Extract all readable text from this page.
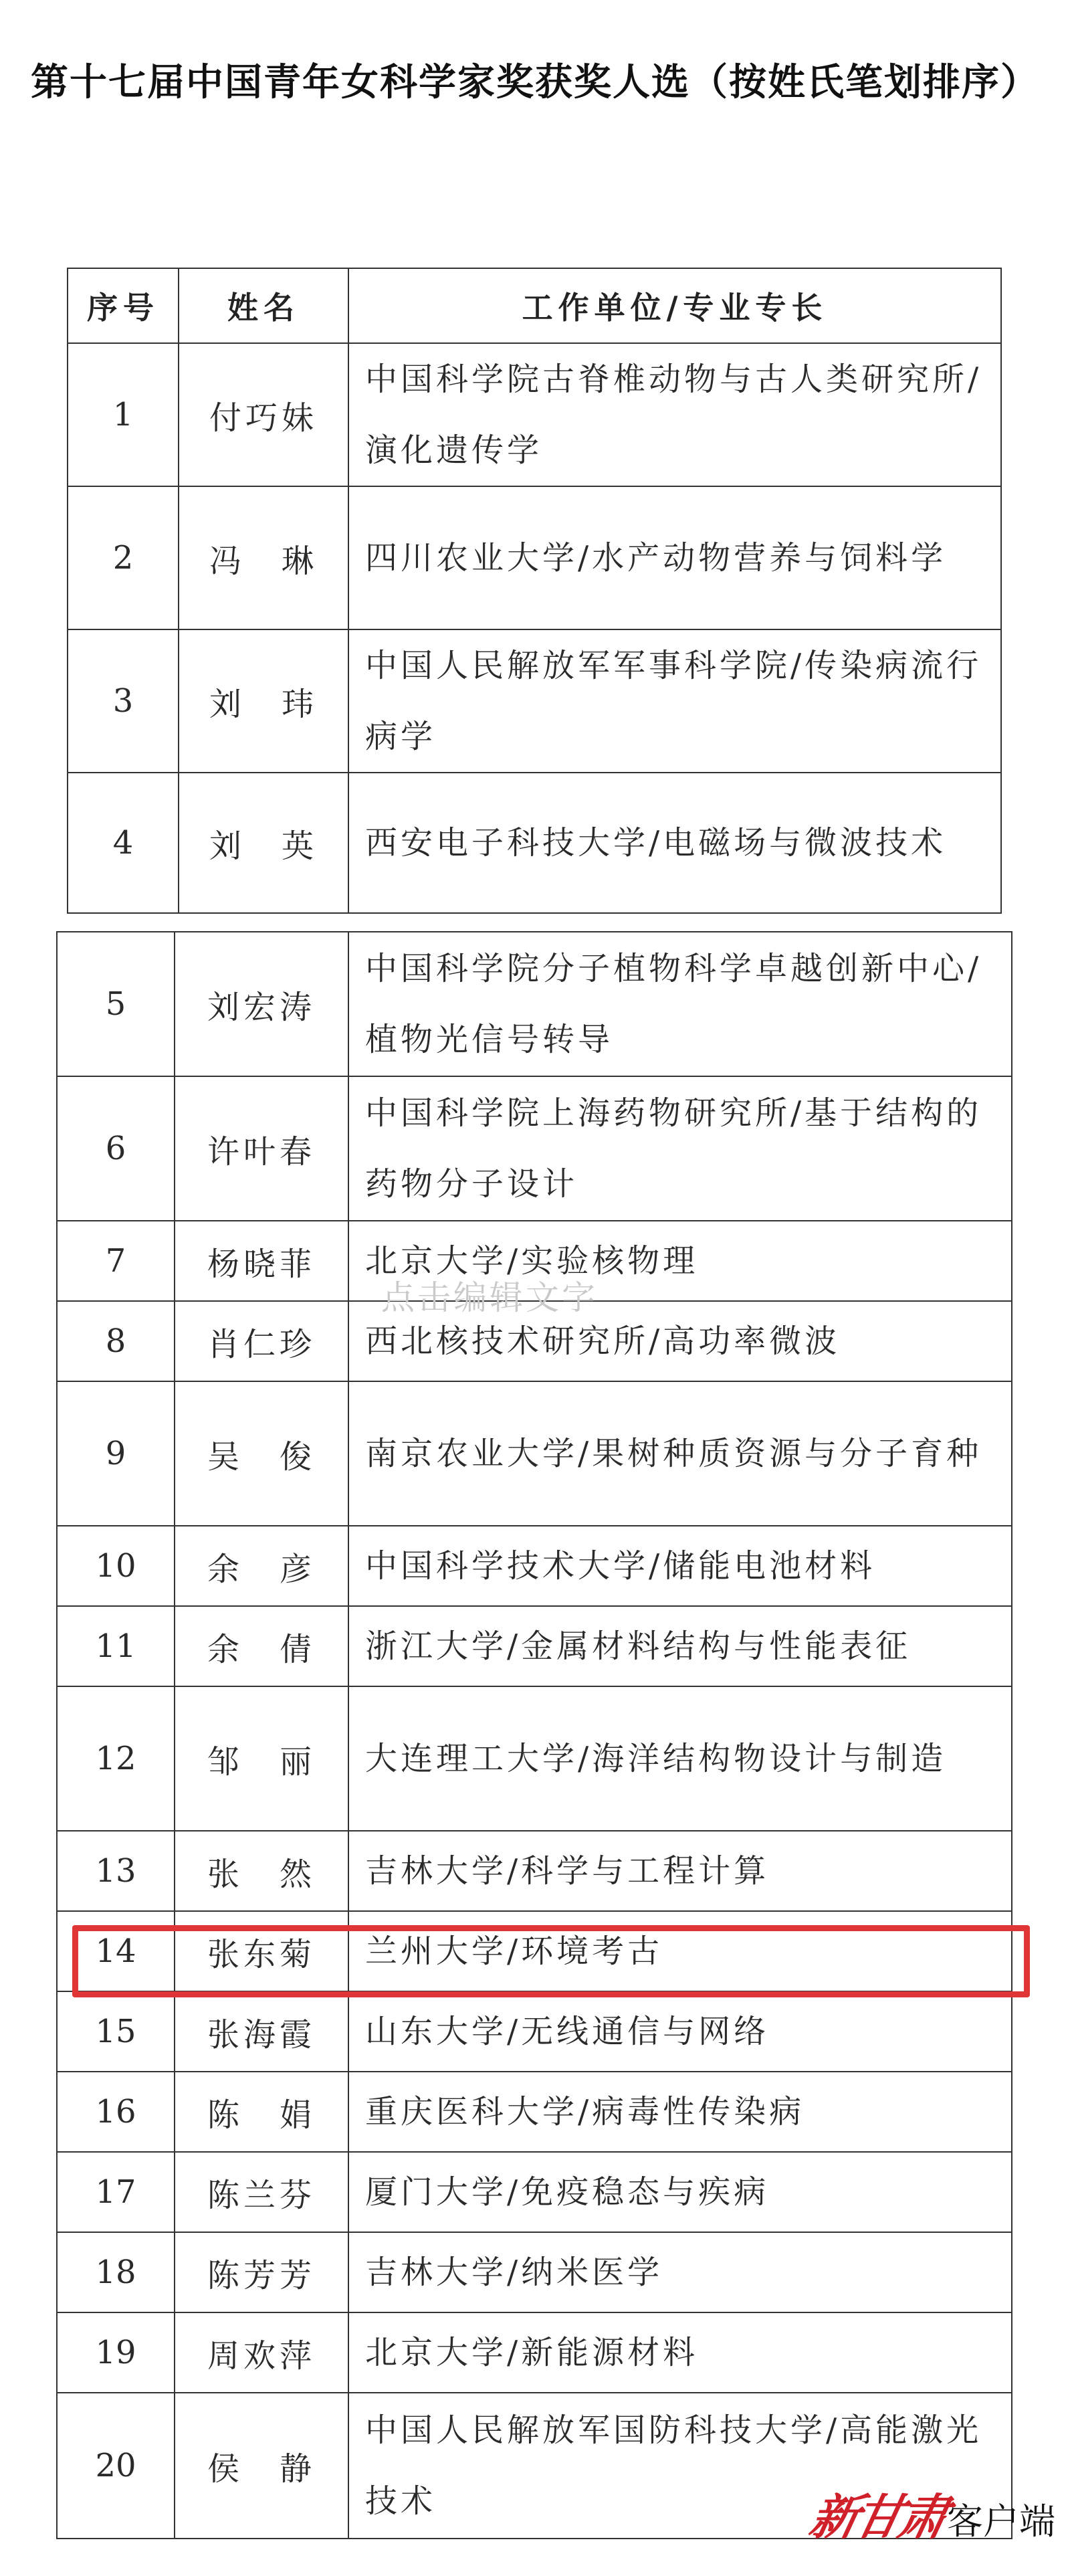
第十七届中国青年女科学家奖获奖人选（按姓氏笔划排序）
序号	姓名	工作单位/专业专长
1	付巧妹	中国科学院古脊椎动物与古人类研究所/演化遗传学
2	冯　琳	四川农业大学/水产动物营养与饲料学
3	刘　玮	中国人民解放军军事科学院/传染病流行病学
4	刘　英	西安电子科技大学/电磁场与微波技术
5	刘宏涛	中国科学院分子植物科学卓越创新中心/植物光信号转导
6	许叶春	中国科学院上海药物研究所/基于结构的药物分子设计
7	杨晓菲	北京大学/实验核物理
8	肖仁珍	西北核技术研究所/高功率微波
9	吴　俊	南京农业大学/果树种质资源与分子育种
10	余　彦	中国科学技术大学/储能电池材料
11	余　倩	浙江大学/金属材料结构与性能表征
12	邹　丽	大连理工大学/海洋结构物设计与制造
13	张　然	吉林大学/科学与工程计算
14	张东菊	兰州大学/环境考古
15	张海霞	山东大学/无线通信与网络
16	陈　娟	重庆医科大学/病毒性传染病
17	陈兰芬	厦门大学/免疫稳态与疾病
18	陈芳芳	吉林大学/纳米医学
19	周欢萍	北京大学/新能源材料
20	侯　静	中国人民解放军国防科技大学/高能激光技术
点击编辑文字
新甘肃
客户端
